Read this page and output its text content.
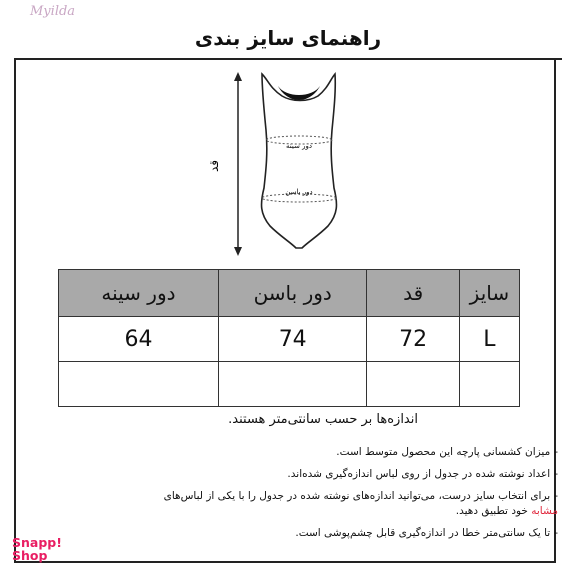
Myilda
راهنمای سایز بندی
قد
دور سینه
دور باسن
سایز	قد	دور باسن	دور سینه
L	72	74	64

اندازه‌ها بر حسب سانتی‌متر هستند.
-میزان کشسانی پارچه این محصول متوسط است.
-اعداد نوشته شده در جدول از روی لباس اندازه‌گیری شده‌اند.
-برای انتخاب سایز درست، می‌توانید اندازه‌های نوشته شده در جدول را با یکی از لباس‌های
مشابه خود تطبیق دهید.
-تا یک سانتی‌متر خطا در اندازه‌گیری قابل چشم‌پوشی است.
Snapp!
Shop
